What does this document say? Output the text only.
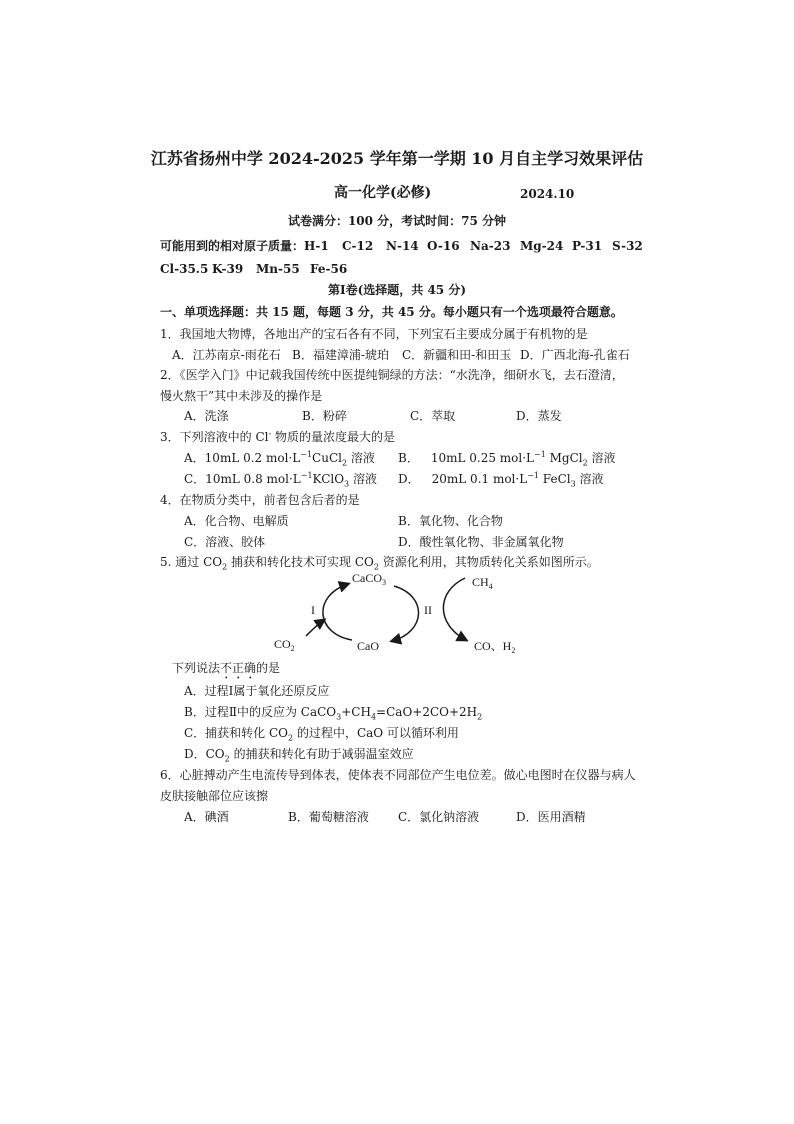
江苏省扬州中学 2024-2025 学年第一学期 10 月自主学习效果评估
高一化学(必修)	2024.10
试卷满分：100 分，考试时间：75 分钟
可能用到的相对原子质量： H-1 C-12 N-14 O-16 Na-23 Mg-24 P-31 S-32
Cl-35.5 K-39 Mn-55 Fe-56
第I卷(选择题，共 45 分)
一、单项选择题：共 15 题，每题 3 分，共 45 分。每小题只有一个选项最符合题意。
1．我国地大物博，各地出产的宝石各有不同，下列宝石主要成分属于有机物的是
A．江苏南京-雨花石 B．福建漳浦-琥珀 C．新疆和田-和田玉 D．广西北海-孔雀石
2．《医学入门》中记载我国传统中医提纯铜绿的方法：“水洗净，细研水飞，去石澄清，
慢火熬干”其中未涉及的操作是
A．洗涤	B．粉碎	C．萃取	D．蒸发
3．下列溶液中的 Cl- 物质的量浓度最大的是
A．10mL 0.2 $mol\cdot L^{-1}CuCl_2$ 溶液 B． 10mL 0.25 $mol\cdot L^{-1}$ MgCl$_2$ 溶液
C．10mL 0.8 $mol\cdot L^{-1}KClO_3$ 溶液 D． 20mL 0.1 $mol\cdot L^{-1}$ FeCl$_3$ 溶液
4．在物质分类中，前者包含后者的是
A．化合物、电解质	B．氧化物、化合物
C．溶液、胶体	D．酸性氧化物、非金属氧化物
5. 通过 $CO_2$ 捕获和转化技术可实现 $CO_2$ 资源化利用，其物质转化关系如图所示。
CaCO$_3$
CaO
$CO_2$
$CH_4$
CO、$H_2$
I	II
下列说法不正确的是
A．过程Ⅰ属于氧化还原反应
B．过程Ⅱ中的反应为 $CaCO_3+CH_4=CaO+2CO+2H_2$
C．捕获和转化 $CO_2$ 的过程中，CaO 可以循环利用
D．$CO_2$ 的捕获和转化有助于减弱温室效应
6．心脏搏动产生电流传导到体表，使体表不同部位产生电位差。做心电图时在仪器与病人
皮肤接触部位应该擦
A．碘酒	B．葡萄糖溶液 C．氯化钠溶液	D．医用酒精
